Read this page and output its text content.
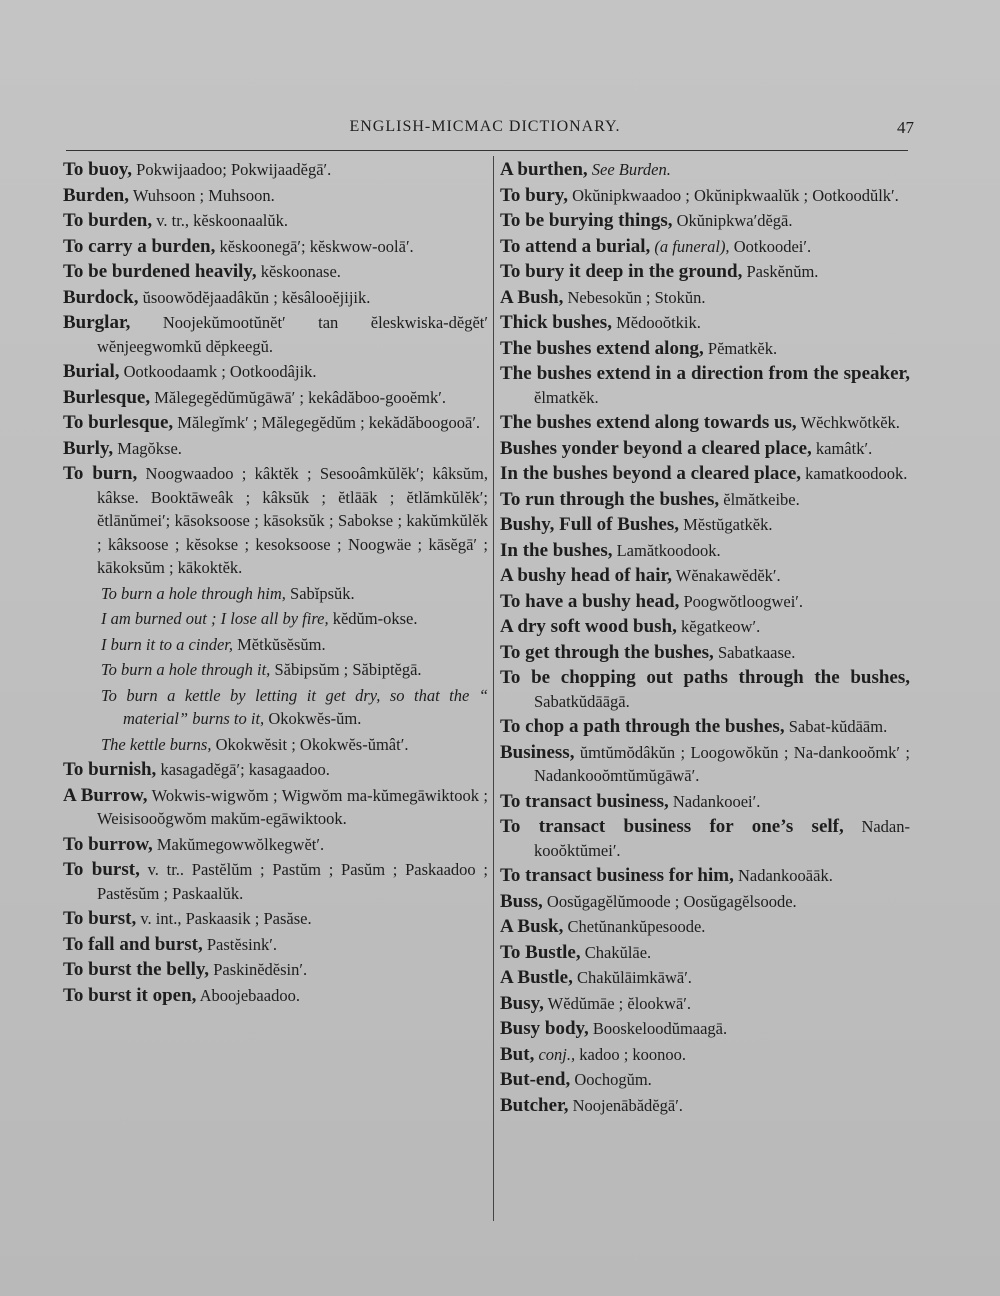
ENGLISH-MICMAC DICTIONARY.	47
To buoy, Pokwijaadoo; Pokwijaadĕgā′.
Burden, Wuhsoon ; Muhsoon.
To burden, v. tr., kĕskoonaalŭk.
To carry a burden, kĕskoonegā′; kĕskwow-oolā′.
To be burdened heavily, kĕskoonase.
Burdock, ŭsoowŏdĕjaadâkŭn ; kĕsâlooĕjijik.
Burglar, Noojekŭmootŭnĕt′ tan ĕleskwiska-dĕgĕt′ wĕnjeegwomkŭ dĕpkeegŭ.
Burial, Ootkoodaamk ; Ootkoodâjik.
Burlesque, Mălegegĕdŭmŭgāwā′ ; kekâdăboo-gooĕmk′.
To burlesque, Mălegĭmk′ ; Mălegegĕdŭm ; kekădăboogooā′.
Burly, Magŏkse.
To burn, Noogwaadoo ; kâktĕk ; Sesooâmkŭlĕk′; kâksŭm, kâkse. Booktāweâk ; kâksŭk ; ĕtlāāk ; ĕtlămkŭlĕk′; ĕtlānŭmei′; kāsoksoose ; kāsoksŭk ; Sabokse ; kakŭmkŭlĕk ; kâksoose ; kĕsokse ; kesoksoose ; Noogwäe ; kāsĕgā′ ; kākoksŭm ; kākoktĕk.
To burn a hole through him, Sabĭpsŭk.
I am burned out ; I lose all by fire, kĕdŭm-okse.
I burn it to a cinder, Mĕtkŭsĕsŭm.
To burn a hole through it, Săbipsŭm ; Săbiptĕgā.
To burn a kettle by letting it get dry, so that the “ material” burns to it, Okokwĕs-ŭm.
The kettle burns, Okokwĕsit ; Okokwĕs-ŭmât′.
To burnish, kasagadĕgā′; kasagaadoo.
A Burrow, Wokwis-wigwŏm ; Wigwŏm ma-kŭmegāwiktook ; Weisisooŏgwŏm makŭm-egāwiktook.
To burrow, Makŭmegowwŏlkegwĕt′.
To burst, v. tr.. Pastĕlŭm ; Pastŭm ; Pasŭm ; Paskaadoo ; Pastĕsŭm ; Paskaalŭk.
To burst, v. int., Paskaasik ; Pasăse.
To fall and burst, Pastĕsink′.
To burst the belly, Paskinĕdĕsin′.
To burst it open, Aboojebaadoo.
A burthen, See Burden.
To bury, Okŭnipkwaadoo ; Okŭnipkwaalŭk ; Ootkoodŭlk′.
To be burying things, Okŭnipkwa′dĕgā.
To attend a burial, (a funeral), Ootkoodei′.
To bury it deep in the ground, Paskĕnŭm.
A Bush, Nebesokŭn ; Stokŭn.
Thick bushes, Mĕdooŏtkik.
The bushes extend along, Pĕmatkĕk.
The bushes extend in a direction from the speaker, ĕlmatkĕk.
The bushes extend along towards us, Wĕchkwŏtkĕk.
Bushes yonder beyond a cleared place, kamâtk′.
In the bushes beyond a cleared place, kamatkoodook.
To run through the bushes, ĕlmătkeibe.
Bushy, Full of Bushes, Mĕstŭgatkĕk.
In the bushes, Lamătkoodook.
A bushy head of hair, Wĕnakawĕdĕk′.
To have a bushy head, Poogwŏtloogwei′.
A dry soft wood bush, kĕgatkeow′.
To get through the bushes, Sabatkaase.
To be chopping out paths through the bushes, Sabatkŭdāāgā.
To chop a path through the bushes, Sabat-kŭdāām.
Business, ŭmtŭmŏdâkŭn ; Loogowŏkŭn ; Na-dankooŏmk′ ; Nadankooŏmtŭmŭgāwā′.
To transact business, Nadankooei′.
To transact business for one’s self, Nadan-kooŏktŭmei′.
To transact business for him, Nadankooāāk.
Buss, Oosŭgagĕlŭmoode ; Oosŭgagĕlsoode.
A Busk, Chetŭnankŭpesoode.
To Bustle, Chakŭlāe.
A Bustle, Chakŭlāimkāwā′.
Busy, Wĕdŭmāe ; ĕlookwā′.
Busy body, Booskeloodŭmaagā.
But, conj., kadoo ; koonoo.
But-end, Oochogŭm.
Butcher, Noojenābădĕgā′.
